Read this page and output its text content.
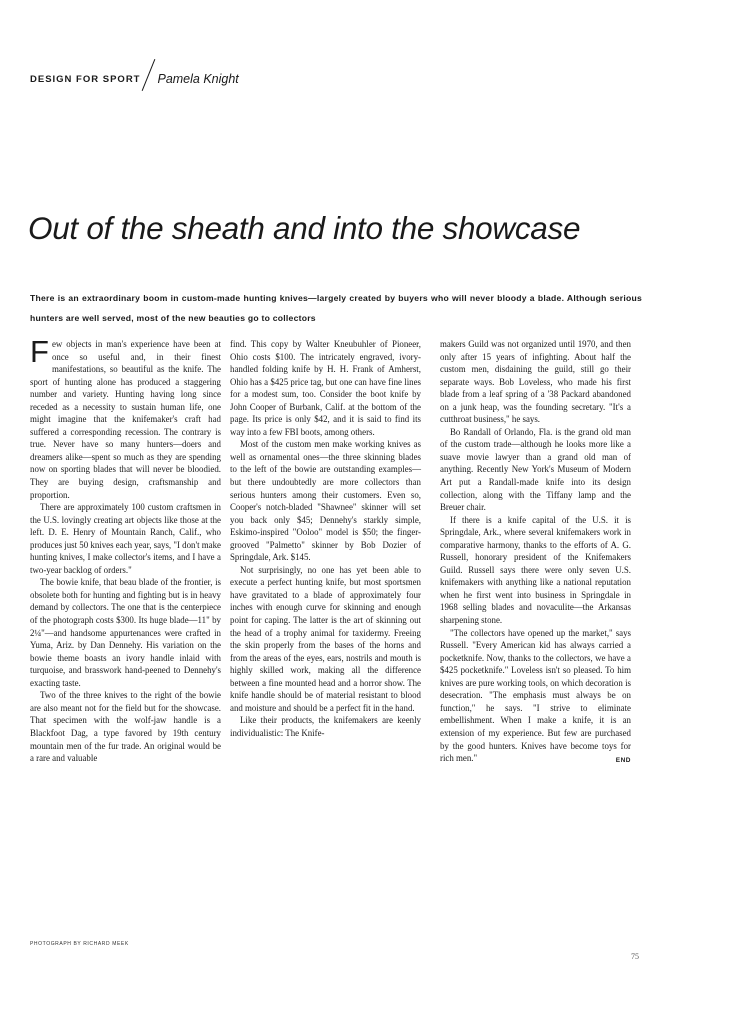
DESIGN FOR SPORT Pamela Knight
Out of the sheath and into the showcase

There is an extraordinary boom in custom-made hunting knives—largely created by buyers who will never bloody a blade. Although serious hunters are well served, most of the new beauties go to collectors

Few objects in man's experience have been at once so useful and, in their finest manifestations, so beautiful as the knife. The sport of hunting alone has produced a staggering number and variety. Hunting having long since receded as a necessity to sustain human life, one might imagine that the knifemaker's craft had suffered a corresponding recession. The contrary is true. Never have so many hunters—doers and dreamers alike—spent so much as they are spending now on sporting blades that will never be bloodied. They are buying design, craftsmanship and proportion.

There are approximately 100 custom craftsmen in the U.S. lovingly creating art objects like those at the left. D. E. Henry of Mountain Ranch, Calif., who produces just 50 knives each year, says, "I don't make hunting knives, I make collector's items, and I have a two-year backlog of orders."

The bowie knife, that beau blade of the frontier, is obsolete both for hunting and fighting but is in heavy demand by collectors. The one that is the centerpiece of the photograph costs $300. Its huge blade—11" by 2¼"—and handsome appurtenances were crafted in Yuma, Ariz. by Dan Dennehy. His variation on the bowie theme boasts an ivory handle inlaid with turquoise, and brasswork hand-peened to Dennehy's exacting taste.

Two of the three knives to the right of the bowie are also meant not for the field but for the showcase. That specimen with the wolf-jaw handle is a Blackfoot Dag, a type favored by 19th century mountain men of the fur trade. An original would be a rare and valuable

find. This copy by Walter Kneubuhler of Pioneer, Ohio costs $100. The intricately engraved, ivory-handled folding knife by H. H. Frank of Amherst, Ohio has a $425 price tag, but one can have fine lines for a modest sum, too. Consider the boot knife by John Cooper of Burbank, Calif. at the bottom of the page. Its price is only $42, and it is said to find its way into a few FBI boots, among others.

Most of the custom men make working knives as well as ornamental ones—the three skinning blades to the left of the bowie are outstanding examples—but there undoubtedly are more collectors than serious hunters among their customers. Even so, Cooper's notch-bladed "Shawnee" skinner will set you back only $45; Dennehy's starkly simple, Eskimo-inspired "Ooloo" model is $50; the finger-grooved "Palmetto" skinner by Bob Dozier of Springdale, Ark. $145.

Not surprisingly, no one has yet been able to execute a perfect hunting knife, but most sportsmen have gravitated to a blade of approximately four inches with enough curve for skinning and enough point for caping. The latter is the art of skinning out the head of a trophy animal for taxidermy. Freeing the skin properly from the bases of the horns and from the areas of the eyes, ears, nostrils and mouth is highly skilled work, making all the difference between a fine mounted head and a horror show. The knife handle should be of material resistant to blood and moisture and should be a perfect fit in the hand.

Like their products, the knifemakers are keenly individualistic: The Knife-

makers Guild was not organized until 1970, and then only after 15 years of infighting. About half the custom men, disdaining the guild, still go their separate ways. Bob Loveless, who made his first blade from a leaf spring of a '38 Packard abandoned on a junk heap, was the founding secretary. "It's a cutthroat business," he says.

Bo Randall of Orlando, Fla. is the grand old man of the custom trade—although he looks more like a suave movie lawyer than a grand old man of anything. Recently New York's Museum of Modern Art put a Randall-made knife into its design collection, along with the Tiffany lamp and the Breuer chair.

If there is a knife capital of the U.S. it is Springdale, Ark., where several knifemakers work in comparative harmony, thanks to the efforts of A. G. Russell, honorary president of the Knifemakers Guild. Russell says there were only seven U.S. knifemakers with anything like a national reputation when he first went into business in Springdale in 1968 selling blades and novaculite—the Arkansas sharpening stone.

"The collectors have opened up the market," says Russell. "Every American kid has always carried a pocketknife. Now, thanks to the collectors, we have a $425 pocketknife." Loveless isn't so pleased. To him knives are pure working tools, on which decoration is desecration. "The emphasis must always be on function," he says. "I strive to eliminate embellishment. When I make a knife, it is an extension of my experience. But few are purchased by the good hunters. Knives have become toys for rich men."	END

PHOTOGRAPH BY RICHARD MEEK
75
